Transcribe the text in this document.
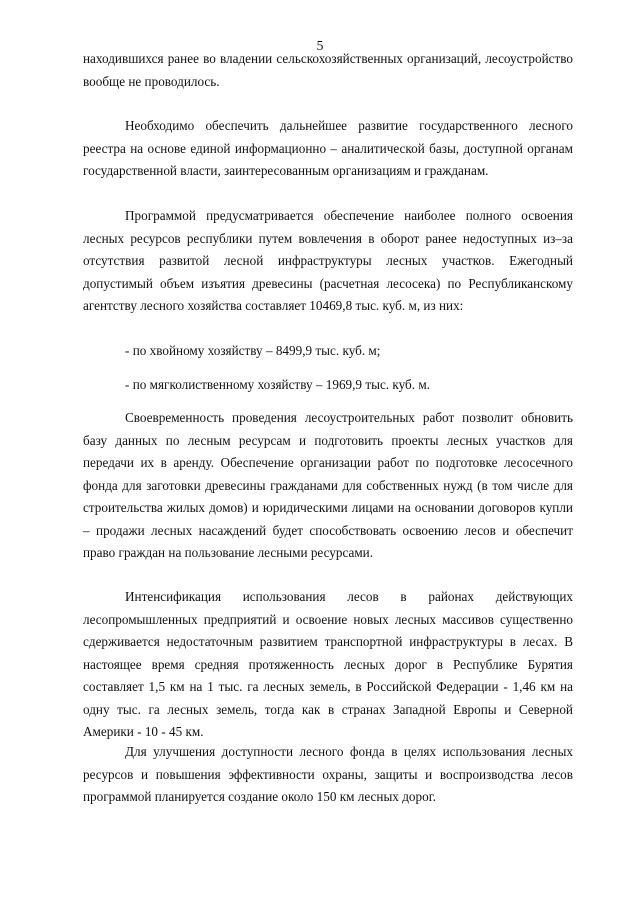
5

находившихся ранее во владении сельскохозяйственных организаций, лесоустройство вообще не проводилось.

Необходимо обеспечить дальнейшее развитие государственного лесного реестра на основе единой информационно – аналитической базы, доступной органам государственной власти, заинтересованным организациям и гражданам.

Программой предусматривается обеспечение наиболее полного освоения лесных ресурсов республики путем вовлечения в оборот ранее недоступных из–за отсутствия развитой лесной инфраструктуры лесных участков. Ежегодный допустимый объем изъятия древесины (расчетная лесосека) по Республиканскому агентству лесного хозяйства составляет 10469,8 тыс. куб. м, из них:

- по хвойному хозяйству – 8499,9 тыс. куб. м;

- по мягколиственному хозяйству – 1969,9 тыс. куб. м.

Своевременность проведения лесоустроительных работ позволит обновить базу данных по лесным ресурсам и подготовить проекты лесных участков для передачи их в аренду. Обеспечение организации работ по подготовке лесосечного фонда для заготовки древесины гражданами для собственных нужд (в том числе для строительства жилых домов) и юридическими лицами на основании договоров купли – продажи лесных насаждений будет способствовать освоению лесов и обеспечит право граждан на пользование лесными ресурсами.

Интенсификация использования лесов в районах действующих лесопромышленных предприятий и освоение новых лесных массивов существенно сдерживается недостаточным развитием транспортной инфраструктуры в лесах. В настоящее время средняя протяженность лесных дорог в Республике Бурятия составляет 1,5 км на 1 тыс. га лесных земель, в Российской Федерации - 1,46 км на одну тыс. га лесных земель, тогда как в странах Западной Европы и Северной Америки - 10 - 45 км.

Для улучшения доступности лесного фонда в целях использования лесных ресурсов и повышения эффективности охраны, защиты и воспроизводства лесов программой планируется создание около 150 км лесных дорог.
